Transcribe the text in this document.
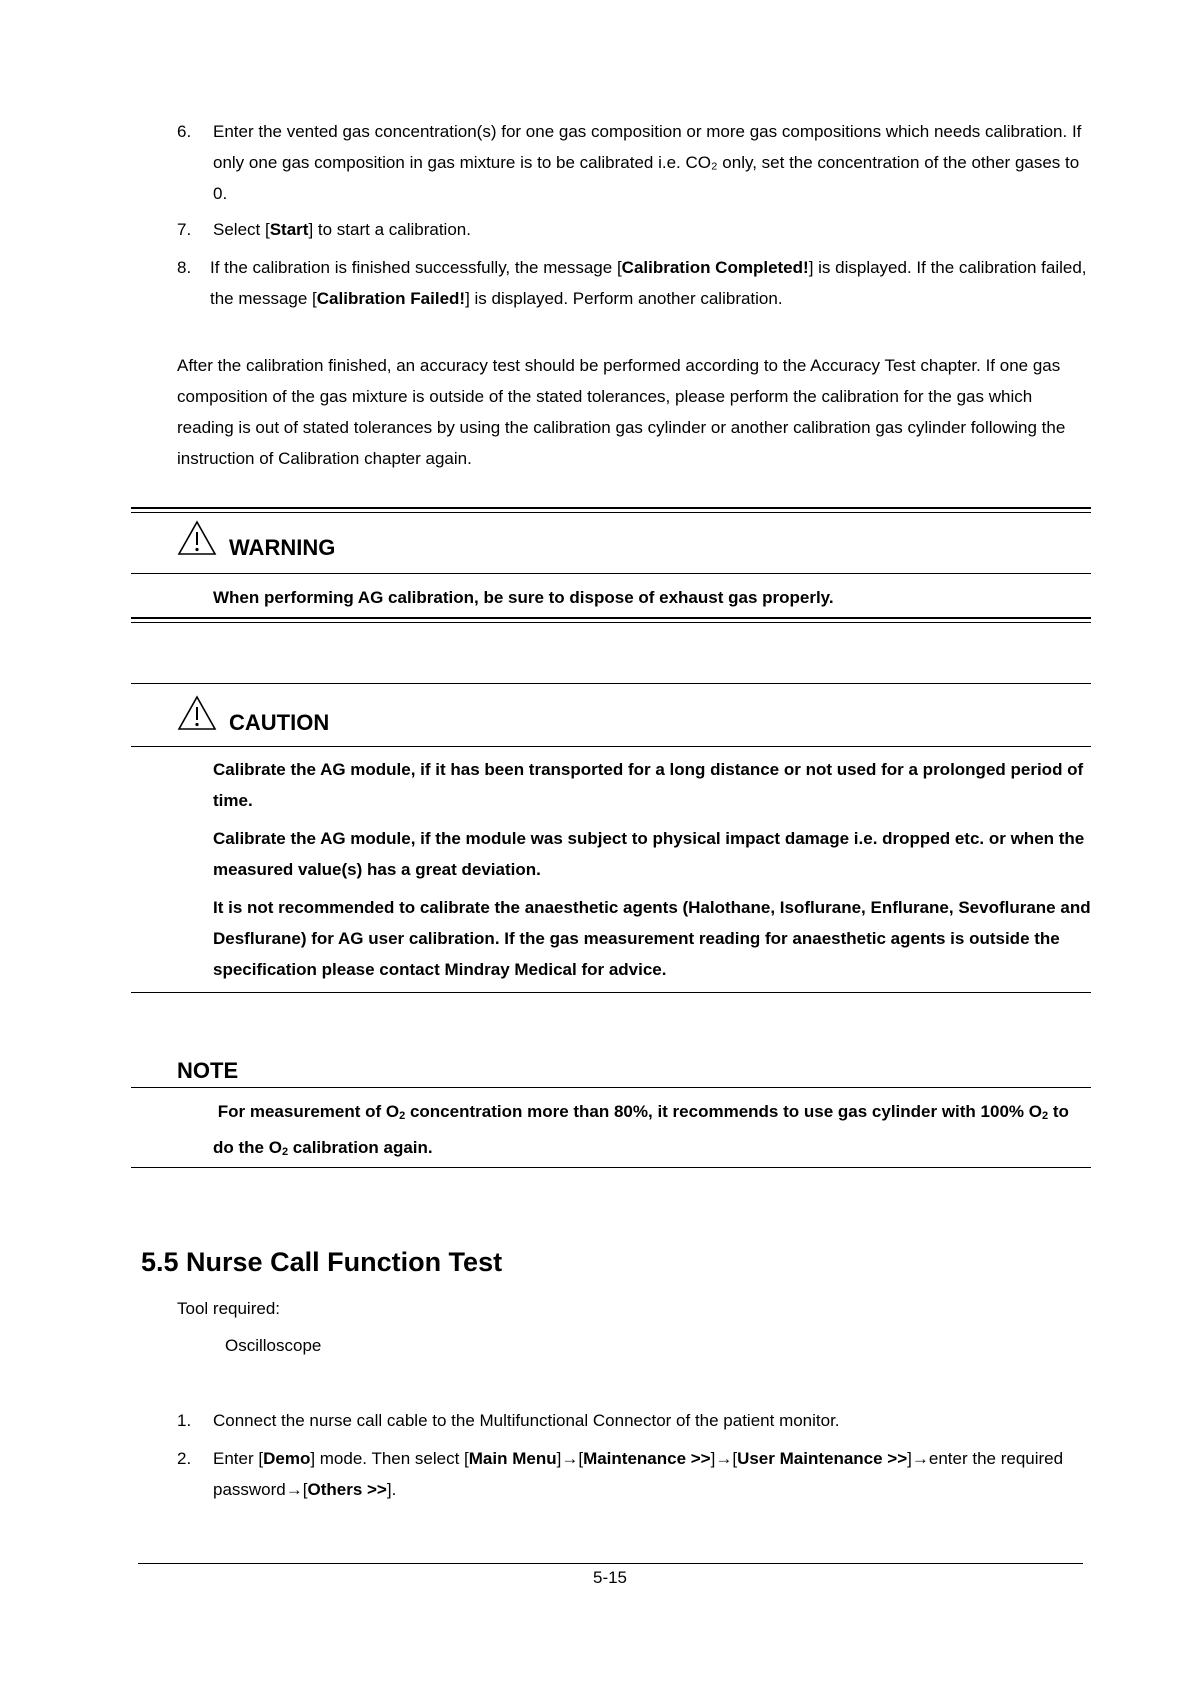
6. Enter the vented gas concentration(s) for one gas composition or more gas compositions which needs calibration. If only one gas composition in gas mixture is to be calibrated i.e. CO₂ only, set the concentration of the other gases to 0.
7. Select [Start] to start a calibration.
8. If the calibration is finished successfully, the message [Calibration Completed!] is displayed. If the calibration failed, the message [Calibration Failed!] is displayed. Perform another calibration.
After the calibration finished, an accuracy test should be performed according to the Accuracy Test chapter. If one gas composition of the gas mixture is outside of the stated tolerances, please perform the calibration for the gas which reading is out of stated tolerances by using the calibration gas cylinder or another calibration gas cylinder following the instruction of Calibration chapter again.
WARNING
When performing AG calibration, be sure to dispose of exhaust gas properly.
CAUTION
Calibrate the AG module, if it has been transported for a long distance or not used for a prolonged period of time.
Calibrate the AG module, if the module was subject to physical impact damage i.e. dropped etc. or when the measured value(s) has a great deviation.
It is not recommended to calibrate the anaesthetic agents (Halothane, Isoflurane, Enflurane, Sevoflurane and Desflurane) for AG user calibration. If the gas measurement reading for anaesthetic agents is outside the specification please contact Mindray Medical for advice.
NOTE
For measurement of $O_2$ concentration more than 80%, it recommends to use gas cylinder with 100% $O_2$ to do the $O_2$ calibration again.
5.5 Nurse Call Function Test
Tool required:
Oscilloscope
1. Connect the nurse call cable to the Multifunctional Connector of the patient monitor.
2. Enter [Demo] mode. Then select [Main Menu]→[Maintenance >>]→[User Maintenance >>]→enter the required password→[Others >>].
5-15
